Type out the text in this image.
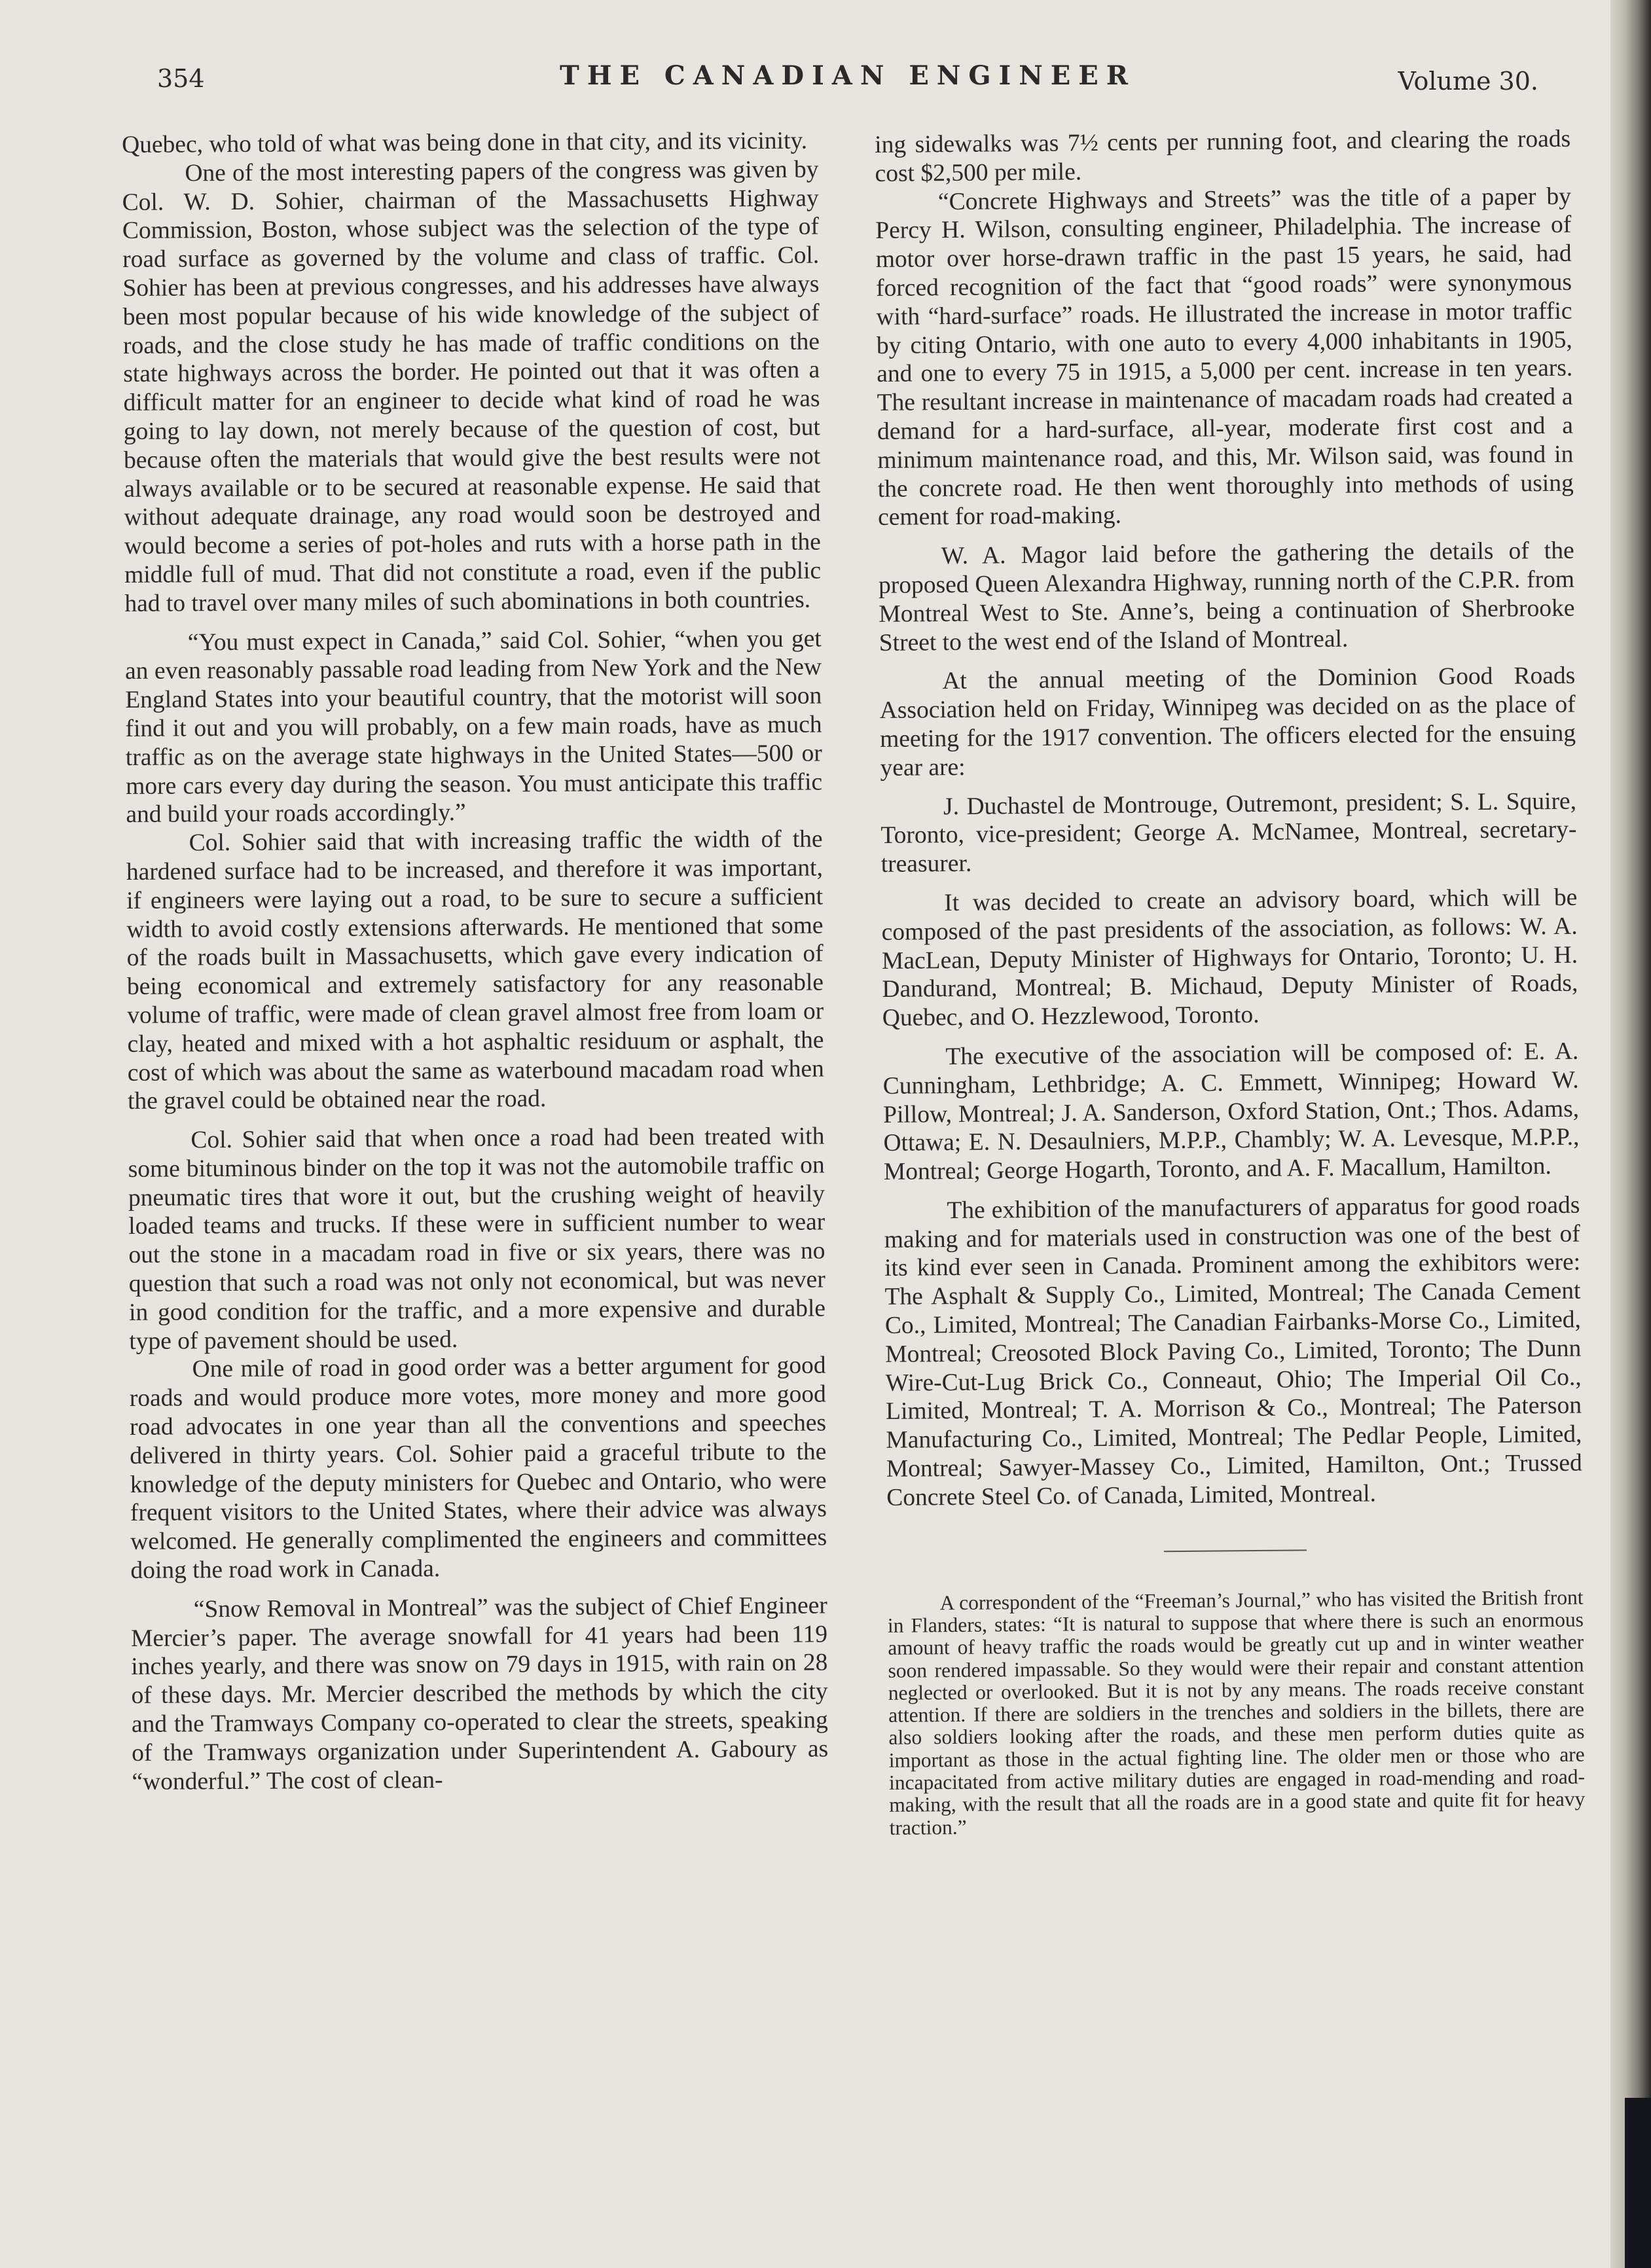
354	THE CANADIAN ENGINEER	Volume 30.

Quebec, who told of what was being done in that city, and its vicinity.

One of the most interesting papers of the congress was given by Col. W. D. Sohier, chairman of the Massachusetts Highway Commission, Boston, whose subject was the selection of the type of road surface as governed by the volume and class of traffic. Col. Sohier has been at previous congresses, and his addresses have always been most popular because of his wide knowledge of the subject of roads, and the close study he has made of traffic conditions on the state highways across the border. He pointed out that it was often a difficult matter for an engineer to decide what kind of road he was going to lay down, not merely because of the question of cost, but because often the materials that would give the best results were not always available or to be secured at reasonable expense. He said that without adequate drainage, any road would soon be destroyed and would become a series of pot-holes and ruts with a horse path in the middle full of mud. That did not constitute a road, even if the public had to travel over many miles of such abominations in both countries.

“You must expect in Canada,” said Col. Sohier, “when you get an even reasonably passable road leading from New York and the New England States into your beautiful country, that the motorist will soon find it out and you will probably, on a few main roads, have as much traffic as on the average state highways in the United States—500 or more cars every day during the season. You must anticipate this traffic and build your roads accordingly.”

Col. Sohier said that with increasing traffic the width of the hardened surface had to be increased, and therefore it was important, if engineers were laying out a road, to be sure to secure a sufficient width to avoid costly extensions afterwards. He mentioned that some of the roads built in Massachusetts, which gave every indication of being economical and extremely satisfactory for any reasonable volume of traffic, were made of clean gravel almost free from loam or clay, heated and mixed with a hot asphaltic residuum or asphalt, the cost of which was about the same as waterbound macadam road when the gravel could be obtained near the road.

Col. Sohier said that when once a road had been treated with some bituminous binder on the top it was not the automobile traffic on pneumatic tires that wore it out, but the crushing weight of heavily loaded teams and trucks. If these were in sufficient number to wear out the stone in a macadam road in five or six years, there was no question that such a road was not only not economical, but was never in good condition for the traffic, and a more expensive and durable type of pavement should be used.

One mile of road in good order was a better argument for good roads and would produce more votes, more money and more good road advocates in one year than all the conventions and speeches delivered in thirty years. Col. Sohier paid a graceful tribute to the knowledge of the deputy ministers for Quebec and Ontario, who were frequent visitors to the United States, where their advice was always welcomed. He generally complimented the engineers and committees doing the road work in Canada.

“Snow Removal in Montreal” was the subject of Chief Engineer Mercier’s paper. The average snowfall for 41 years had been 119 inches yearly, and there was snow on 79 days in 1915, with rain on 28 of these days. Mr. Mercier described the methods by which the city and the Tramways Company co-operated to clear the streets, speaking of the Tramways organization under Superintendent A. Gaboury as “wonderful.” The cost of clean-

ing sidewalks was 7½ cents per running foot, and clearing the roads cost $2,500 per mile.

“Concrete Highways and Streets” was the title of a paper by Percy H. Wilson, consulting engineer, Philadelphia. The increase of motor over horse-drawn traffic in the past 15 years, he said, had forced recognition of the fact that “good roads” were synonymous with “hard-surface” roads. He illustrated the increase in motor traffic by citing Ontario, with one auto to every 4,000 inhabitants in 1905, and one to every 75 in 1915, a 5,000 per cent. increase in ten years. The resultant increase in maintenance of macadam roads had created a demand for a hard-surface, all-year, moderate first cost and a minimum maintenance road, and this, Mr. Wilson said, was found in the concrete road. He then went thoroughly into methods of using cement for road-making.

W. A. Magor laid before the gathering the details of the proposed Queen Alexandra Highway, running north of the C.P.R. from Montreal West to Ste. Anne’s, being a continuation of Sherbrooke Street to the west end of the Island of Montreal.

At the annual meeting of the Dominion Good Roads Association held on Friday, Winnipeg was decided on as the place of meeting for the 1917 convention. The officers elected for the ensuing year are:

J. Duchastel de Montrouge, Outremont, president; S. L. Squire, Toronto, vice-president; George A. McNamee, Montreal, secretary-treasurer.

It was decided to create an advisory board, which will be composed of the past presidents of the association, as follows: W. A. MacLean, Deputy Minister of Highways for Ontario, Toronto; U. H. Dandurand, Montreal; B. Michaud, Deputy Minister of Roads, Quebec, and O. Hezzlewood, Toronto.

The executive of the association will be composed of: E. A. Cunningham, Lethbridge; A. C. Emmett, Winnipeg; Howard W. Pillow, Montreal; J. A. Sanderson, Oxford Station, Ont.; Thos. Adams, Ottawa; E. N. Desaulniers, M.P.P., Chambly; W. A. Levesque, M.P.P., Montreal; George Hogarth, Toronto, and A. F. Macallum, Hamilton.

The exhibition of the manufacturers of apparatus for good roads making and for materials used in construction was one of the best of its kind ever seen in Canada. Prominent among the exhibitors were: The Asphalt & Supply Co., Limited, Montreal; The Canada Cement Co., Limited, Montreal; The Canadian Fairbanks-Morse Co., Limited, Montreal; Creosoted Block Paving Co., Limited, Toronto; The Dunn Wire-Cut-Lug Brick Co., Conneaut, Ohio; The Imperial Oil Co., Limited, Montreal; T. A. Morrison & Co., Montreal; The Paterson Manufacturing Co., Limited, Montreal; The Pedlar People, Limited, Montreal; Sawyer-Massey Co., Limited, Hamilton, Ont.; Trussed Concrete Steel Co. of Canada, Limited, Montreal.

A correspondent of the “Freeman’s Journal,” who has visited the British front in Flanders, states: “It is natural to suppose that where there is such an enormous amount of heavy traffic the roads would be greatly cut up and in winter weather soon rendered impassable. So they would were their repair and constant attention neglected or overlooked. But it is not by any means. The roads receive constant attention. If there are soldiers in the trenches and soldiers in the billets, there are also soldiers looking after the roads, and these men perform duties quite as important as those in the actual fighting line. The older men or those who are incapacitated from active military duties are engaged in road-mending and road-making, with the result that all the roads are in a good state and quite fit for heavy traction.”
